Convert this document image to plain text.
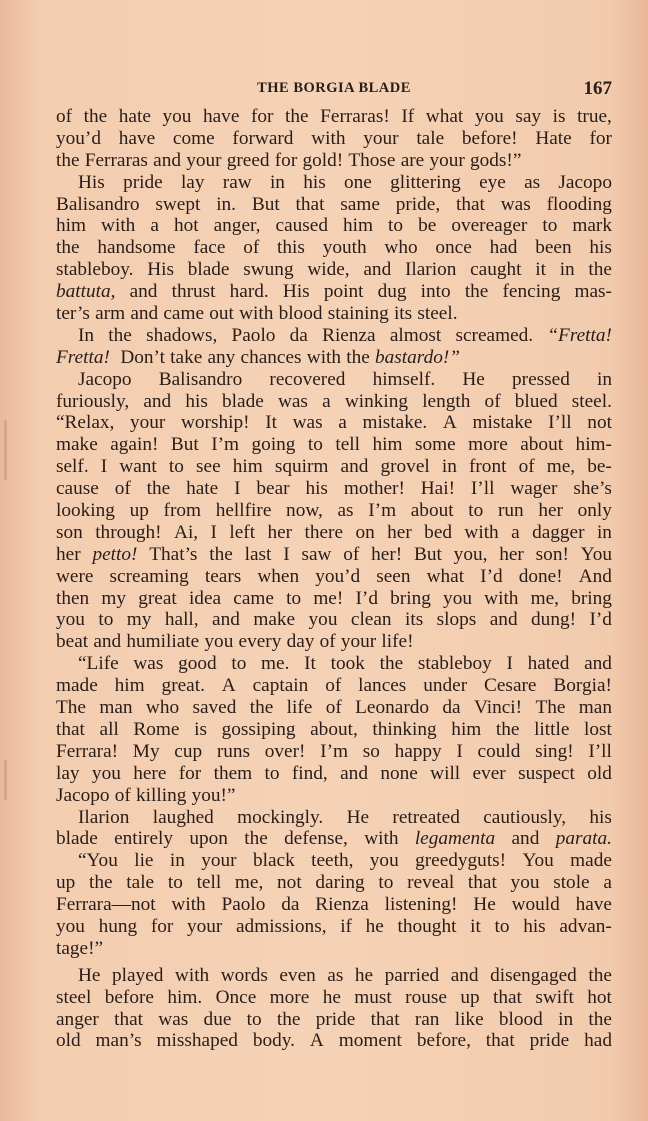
THE BORGIA BLADE	167
of the hate you have for the Ferraras! If what you say is true,
you’d have come forward with your tale before! Hate for
the Ferraras and your greed for gold! Those are your gods!”
His pride lay raw in his one glittering eye as Jacopo
Balisandro swept in. But that same pride, that was flooding
him with a hot anger, caused him to be overeager to mark
the handsome face of this youth who once had been his
stableboy. His blade swung wide, and Ilarion caught it in the
battuta, and thrust hard. His point dug into the fencing mas-
ter’s arm and came out with blood staining its steel.
In the shadows, Paolo da Rienza almost screamed. “Fretta!
Fretta! Don’t take any chances with the bastardo!”
Jacopo Balisandro recovered himself. He pressed in
furiously, and his blade was a winking length of blued steel.
“Relax, your worship! It was a mistake. A mistake I’ll not
make again! But I’m going to tell him some more about him-
self. I want to see him squirm and grovel in front of me, be-
cause of the hate I bear his mother! Hai! I’ll wager she’s
looking up from hellfire now, as I’m about to run her only
son through! Ai, I left her there on her bed with a dagger in
her petto! That’s the last I saw of her! But you, her son! You
were screaming tears when you’d seen what I’d done! And
then my great idea came to me! I’d bring you with me, bring
you to my hall, and make you clean its slops and dung! I’d
beat and humiliate you every day of your life!
“Life was good to me. It took the stableboy I hated and
made him great. A captain of lances under Cesare Borgia!
The man who saved the life of Leonardo da Vinci! The man
that all Rome is gossiping about, thinking him the little lost
Ferrara! My cup runs over! I’m so happy I could sing! I’ll
lay you here for them to find, and none will ever suspect old
Jacopo of killing you!”
Ilarion laughed mockingly. He retreated cautiously, his
blade entirely upon the defense, with legamenta and parata.
“You lie in your black teeth, you greedyguts! You made
up the tale to tell me, not daring to reveal that you stole a
Ferrara—not with Paolo da Rienza listening! He would have
you hung for your admissions, if he thought it to his advan-
tage!”
He played with words even as he parried and disengaged the
steel before him. Once more he must rouse up that swift hot
anger that was due to the pride that ran like blood in the
old man’s misshaped body. A moment before, that pride had
